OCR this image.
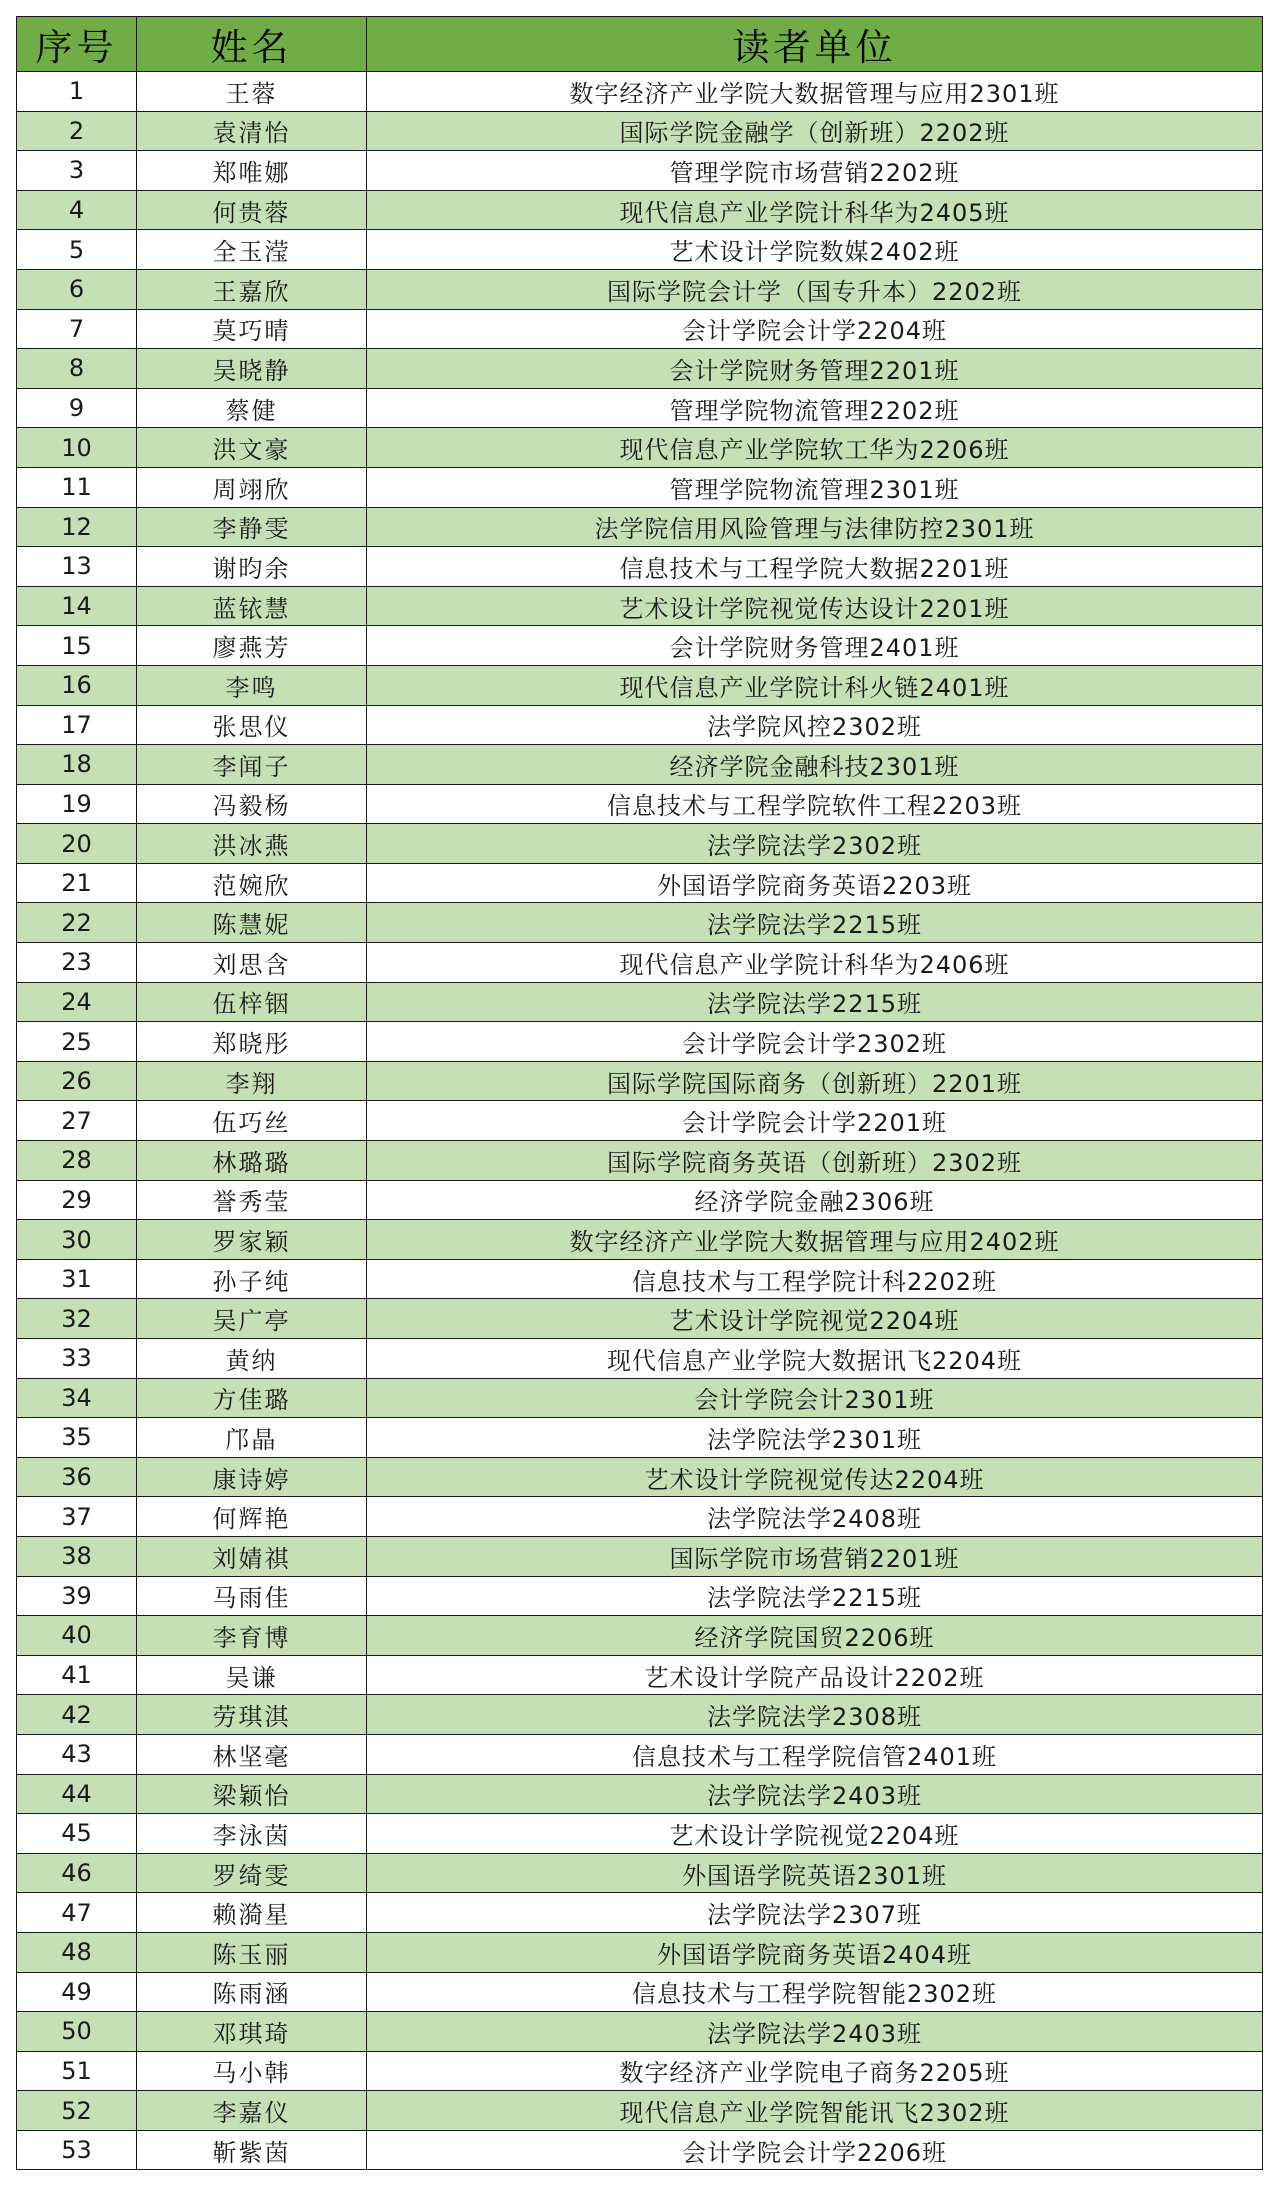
序号	姓名	读者单位
1	王蓉	数字经济产业学院大数据管理与应用2301班
2	袁清怡	国际学院金融学（创新班）2202班
3	郑唯娜	管理学院市场营销2202班
4	何贵蓉	现代信息产业学院计科华为2405班
5	全玉滢	艺术设计学院数媒2402班
6	王嘉欣	国际学院会计学（国专升本）2202班
7	莫巧晴	会计学院会计学2204班
8	吴晓静	会计学院财务管理2201班
9	蔡健	管理学院物流管理2202班
10	洪文豪	现代信息产业学院软工华为2206班
11	周翊欣	管理学院物流管理2301班
12	李静雯	法学院信用风险管理与法律防控2301班
13	谢昀余	信息技术与工程学院大数据2201班
14	蓝铱慧	艺术设计学院视觉传达设计2201班
15	廖燕芳	会计学院财务管理2401班
16	李鸣	现代信息产业学院计科火链2401班
17	张思仪	法学院风控2302班
18	李闻子	经济学院金融科技2301班
19	冯毅杨	信息技术与工程学院软件工程2203班
20	洪冰燕	法学院法学2302班
21	范婉欣	外国语学院商务英语2203班
22	陈慧妮	法学院法学2215班
23	刘思含	现代信息产业学院计科华为2406班
24	伍梓铟	法学院法学2215班
25	郑晓彤	会计学院会计学2302班
26	李翔	国际学院国际商务（创新班）2201班
27	伍巧丝	会计学院会计学2201班
28	林璐璐	国际学院商务英语（创新班）2302班
29	誉秀莹	经济学院金融2306班
30	罗家颖	数字经济产业学院大数据管理与应用2402班
31	孙子纯	信息技术与工程学院计科2202班
32	吴广亭	艺术设计学院视觉2204班
33	黄纳	现代信息产业学院大数据讯飞2204班
34	方佳璐	会计学院会计2301班
35	邝晶	法学院法学2301班
36	康诗婷	艺术设计学院视觉传达2204班
37	何辉艳	法学院法学2408班
38	刘婧祺	国际学院市场营销2201班
39	马雨佳	法学院法学2215班
40	李育博	经济学院国贸2206班
41	吴谦	艺术设计学院产品设计2202班
42	劳琪淇	法学院法学2308班
43	林坚毫	信息技术与工程学院信管2401班
44	梁颖怡	法学院法学2403班
45	李泳茵	艺术设计学院视觉2204班
46	罗绮雯	外国语学院英语2301班
47	赖漪星	法学院法学2307班
48	陈玉丽	外国语学院商务英语2404班
49	陈雨涵	信息技术与工程学院智能2302班
50	邓琪琦	法学院法学2403班
51	马小韩	数字经济产业学院电子商务2205班
52	李嘉仪	现代信息产业学院智能讯飞2302班
53	靳紫茵	会计学院会计学2206班
